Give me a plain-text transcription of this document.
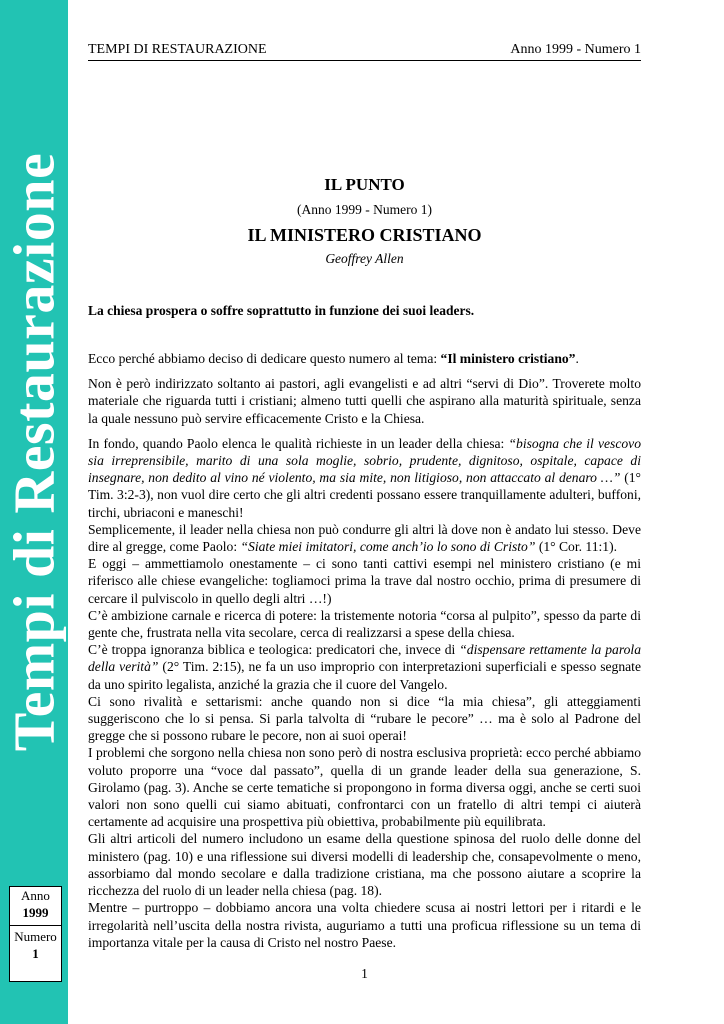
Tempi di Restaurazione
Anno
1999
Numero
1
TEMPI DI RESTAURAZIONE	Anno 1999 - Numero 1

IL PUNTO

(Anno 1999 - Numero 1)

IL MINISTERO CRISTIANO

Geoffrey Allen

La chiesa prospera o soffre soprattutto in funzione dei suoi leaders.

Ecco perché abbiamo deciso di dedicare questo numero al tema: “Il ministero cristiano”.

Non è però indirizzato soltanto ai pastori, agli evangelisti e ad altri “servi di Dio”. Troverete molto materiale che riguarda tutti i cristiani; almeno tutti quelli che aspirano alla maturità spirituale, senza la quale nessuno può servire efficacemente Cristo e la Chiesa.

In fondo, quando Paolo elenca le qualità richieste in un leader della chiesa: “bisogna che il vescovo sia irreprensibile, marito di una sola moglie, sobrio, prudente, dignitoso, ospitale, capace di insegnare, non dedito al vino né violento, ma sia mite, non litigioso, non attaccato al denaro …” (1° Tim. 3:2-3), non vuol dire certo che gli altri credenti possano essere tranquillamente adulteri, buffoni, tirchi, ubriaconi e maneschi!

Semplicemente, il leader nella chiesa non può condurre gli altri là dove non è andato lui stesso. Deve dire al gregge, come Paolo: “Siate miei imitatori, come anch’io lo sono di Cristo” (1° Cor. 11:1).

E oggi – ammettiamolo onestamente – ci sono tanti cattivi esempi nel ministero cristiano (e mi riferisco alle chiese evangeliche: togliamoci prima la trave dal nostro occhio, prima di presumere di cercare il pulviscolo in quello degli altri …!)

C’è ambizione carnale e ricerca di potere: la tristemente notoria “corsa al pulpito”, spesso da parte di gente che, frustrata nella vita secolare, cerca di realizzarsi a spese della chiesa.

C’è troppa ignoranza biblica e teologica: predicatori che, invece di “dispensare rettamente la parola della verità” (2° Tim. 2:15), ne fa un uso improprio con interpretazioni superficiali e spesso segnate da uno spirito legalista, anziché la grazia che il cuore del Vangelo.

Ci sono rivalità e settarismi: anche quando non si dice “la mia chiesa”, gli atteggiamenti suggeriscono che lo si pensa. Si parla talvolta di “rubare le pecore” … ma è solo al Padrone del gregge che si possono rubare le pecore, non ai suoi operai!

I problemi che sorgono nella chiesa non sono però di nostra esclusiva proprietà: ecco perché abbiamo voluto proporre una “voce dal passato”, quella di un grande leader della sua generazione, S. Girolamo (pag. 3). Anche se certe tematiche si propongono in forma diversa oggi, anche se certi suoi valori non sono quelli cui siamo abituati, confrontarci con un fratello di altri tempi ci aiuterà certamente ad acquisire una prospettiva più obiettiva, probabilmente più equilibrata.

Gli altri articoli del numero includono un esame della questione spinosa del ruolo delle donne del ministero (pag. 10) e una riflessione sui diversi modelli di leadership che, consapevolmente o meno, assorbiamo dal mondo secolare e dalla tradizione cristiana, ma che possono aiutare a scoprire la ricchezza del ruolo di un leader nella chiesa (pag. 18).

Mentre – purtroppo – dobbiamo ancora una volta chiedere scusa ai nostri lettori per i ritardi e le irregolarità nell’uscita della nostra rivista, auguriamo a tutti una proficua riflessione su un tema di importanza vitale per la causa di Cristo nel nostro Paese.

1
